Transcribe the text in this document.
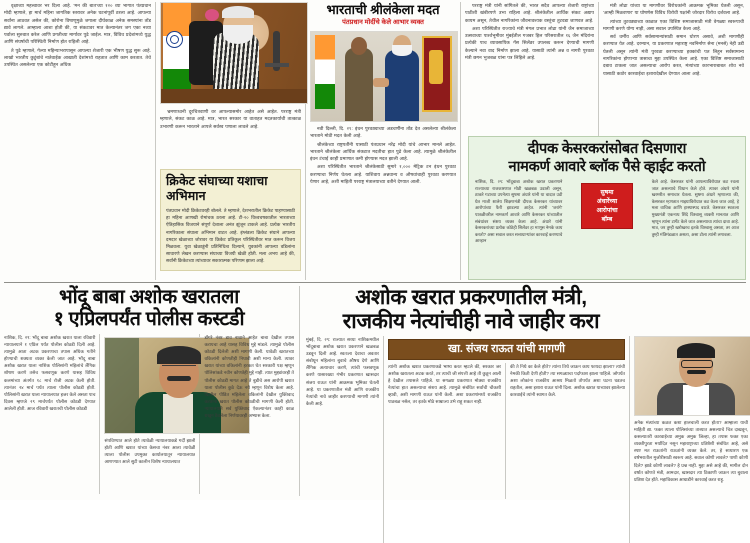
वृक्षाच्या महत्त्वावर भर दिला आहे. 'मन की बात'च्या १२० व्या भागात पंतप्रधान मोदी म्हणाले, हा मार्च महिना जागतिक स्तरावर अनेक घटनांपूर्वी ठरला आहे. आपल्या सर्वांना आठवत असेल की, कोरोना विषाणूमुळे जगाला दीर्घकाळ अनेक समस्यांना तोंड द्यावे लागले. आम्हाला आशा होती की, या संकटावर मात केल्यानंतर जग एका नव्या पर्वाला सुरुवात करेल आणि प्रगतीच्या मार्गावर पुढे जाईल. मात्र, विविध प्रदेशांमध्ये युद्ध आणि संघर्षाची परिस्थिती निर्माण होत राहिली आहे.

ते पुढे म्हणाले, गेल्या महिन्याभरापासून आपल्या शेजारी एक भीषण युद्ध सुरू आहे. लाखो भारतीय कुटुंबांचे नातेवाईक आखाती देशांमध्ये राहतात आणि काम करतात. तेथे उपस्थित असलेल्या एक कोटीहून अधिक

भ्रमणाध्वनी दूरचित्रवाणी वर आपल्यासमोर आहेत असे आहेत. परराष्ट्र मंत्री म्हणाले, संकट काळ आहे. मात्र, भारत सरकार या वाताहत मदतकार्याची तात्काळ उभारणी करून भारताने आपले सर्वस्व पणाला लावले आहे.

क्रिकेट संघाच्या यशाचा अभिमान
पंतप्रधान मोदी क्रिकेटवरही बोलले. ते म्हणाले, देशभरातील क्रिकेट पाहण्यासाठी हा महिना आणखी रोमांचक ठरला आहे. टी-२० विश्वचषकातील भारताच्या ऐतिहासिक विजयाने संपूर्ण देशाला अनंत झुंजून टाकले आहे. प्रत्येक भारतीय नागरिकाला संघाला अभिमान वाटत आहे. इंग्लंडला क्रिकेट संघाने आपल्या दमदार खेळाच्या जोरावर या क्रिकेट प्रतिकूल परिस्थितीवर मात करून विजय मिळवला. युवा खेळाडूंनी प्रतिनिधित्व दिल्याने, युवकांनी आपल्या वडिलांना साधारणे लेखन करण्यास संघाच्या विजयी खेळी होती. मला अभय आहे की, सर्वांनी क्रिकेटच्या त्यांच्यावर सकारात्मक परिणाम झाला आहे.
भारताची श्रीलंकेला मदत
पंतप्रधान मोदींचे केले आभार व्यक्त

नवी दिल्ली, दि. २९: इंधन पुरवठ्याच्या अडचणींना तोंड देत असलेल्या श्रीलंकेला भारताने मोठी मदत केली आहे.

श्रीलंकेच्या राष्ट्रपतींनी यासाठी पंतप्रधान नरेंद्र मोदी यांचे आभार मानले आहेत. भारताने श्रीलंकेला आर्थिक संकटात मदतीचा हात पुढे केला आहे. त्यामुळे श्रीलंकेतील इंधन टंचाई काही प्रमाणात कमी होण्यास मदत झाली आहे.

अशा परिस्थितीत भारताने श्रीलंकेसाठी सुमारे १,००० मेट्रिक टन इंधन पुरवठा करण्याचा निर्णय घेतला आहे. याशिवाय अन्नधान्य व औषधांचाही पुरवठा करण्यात येणार आहे, अशी माहिती परराष्ट्र मंत्रालयाच्या वतीने देण्यात आली.

परराष्ट्र मंत्री यांनी सांगितले की, भारत सदैव आपल्या शेजारी राष्ट्रांच्या पाठीशी खंबीरपणे उभा राहिला आहे. श्रीलंकेतील आर्थिक संकट अद्याप कायम असून, तेथील नागरिकांना जीवनावश्यक वस्तूंचा तुटवडा जाणवत आहे.

अशा परिस्थितीत राज्याचे मंत्री मंगल प्रभात लोढा यांनी जैन समाजाच्या उत्सवाच्या पार्श्वभूमीवर मुंबईतील गजबर हिल परिसरातील १६ जैन मंदिरांना प्रत्येकी पाच व्यावसायिक गॅस सिलेंडर उपलब्ध करून देण्याची मागणी केल्याने नवा वाद निर्माण झाला आहे. यासाठी त्यांनी अन्न व नागरी पुरवठा मंत्री छगन भुजबळ यांना पत्र लिहिले आहे.

मंत्री लोढा यांच्या या मागणीवर विरोधकांनी आक्रमक भूमिका घेतली असून, 'आम्ही मिळवणार' या घोषणेस विविध विरोधी पक्षांनी जोरदार विरोध दर्शवला आहे.

त्यांच्या तुटवड्याच्या काळात एका विशिष्ट समाजासाठी मंत्री वेगळ्या स्वरूपाची मागणी करणे योग्य नाही, असा सवाल उपस्थित केला आहे.

सर्व धर्मीय आणि सर्वसामान्यांसाठी समान धोरण असावे, अशी मागणीही करण्यात येत आहे. दरम्यान, या प्रकरणात महाराष्ट्र नवनिर्माण सेना (मनसे) नेही उडी घेतली असून त्यांनी मंत्री पुरवठा करण्याच्या हक्कांची पत लिहून सर्वसामान्य नागरिकांना होणाऱ्या त्रासाचा मुद्दा उपस्थित केला आहे. एका विशिष्ट समाजासाठी दबाव टाकला जात असल्याचा आरोप करत, मंत्र्यांच्या कारभाराबाबत शोध नवे यासाठी कठोर कारवाईचा इशारादेखील देण्यात आला आहे.

दीपक केसरकरांसोबत दिसणारा
नामकर्ण आवारे ब्लॉक पैसे व्हाईट करतो
नाशिक, दि. २९: भोंदूबाबा अशोक खरात प्रकरणाने राज्याच्या राजकारणात मोठी खळबळ उडाली असून, ठाकरे गटाच्या उपनेत्या सुषमा अंधारे यांनी या वादात उडी घेत माजी शालेय शिक्षणमंत्री दीपक केसरकर यांच्यावर आरोपांच्या फैरी झाडल्या आहेत. त्यांनी 'जरांगे' पातळीवरील नामकर्ण आवारे आणि केसरकर यांच्यातील संबंधांवर संशय व्यक्त केला आहे. अंधारे यांनी केसरकरांच्या प्रत्येक कोठेही सिलेंडर हा माणूस नेमके काय करतो? असा सवाल करत सत्ताधाऱ्यांवर कारवाई करण्याचे आव्हान
सुषमा
अंधारेंच्या
आरोपांचा
बॉम्ब
केले आहे. केसरकर यांनी आपल्याविरोधात कट रचला जात असल्याचे विधान केले होते. त्यावर अंधारे यांनी खरमरीत समाचार घेतला. सुषमा अंधारे म्हणाल्या की, केसरकर म्हणतात माझ्याविरोधात कट केला जात आहे, हे मला वाचिक आणि हास्यास्पद वाटते. केसरकर स्वतःला मुख्यमंत्री एकनाथ शिंदे विश्वासू व्यक्ती मानतात आणि म्हणून त्यांना टार्गेट केले जात असल्याचा त्यांचा दावा आहे. मात्र, जर तुम्ही खरोखरच इतके विश्वासू असता, तर आज तुम्ही मंत्रिमंडळात असता, असा टोला त्यांनी लगावला.
भोंदू बाबा अशोक खरातला
१ एप्रिलपर्यंत पोलीस कस्टडी
नाशिक, दि. २९: भोंदू बाबा अशोक खरात याला रविवारी न्यायालयाने १ एप्रिल पर्यंत पोलीस कोठडी दिली आहे. त्यामुळे आता अटक प्रकरणाचा तपास अधिक गतीने होण्याची शक्यता व्यक्त केली जात आहे. भोंदू बाबा अशोक खरात याला नाशिक पोलिसांनी महिलांचे लैंगिक शोषण करणे तसेच फसवणूक करणे यासह विविध कलमांच्या अंतर्गत १८ मार्च रोजी अटक केली होती. त्यानंतर २४ मार्च पर्यंत त्याला पोलीस कोठडी होती. पोलिसांनी खरात याला न्यायालयात हजर केले असता पाच दिवस म्हणजे २९ मार्चपर्यंत पोलीस कोठडी देण्यात आलेली होती. आज रविवारी खरातची पोलीस कोठडी
संपविण्यात आले होते त्यावेळी न्यायालयाकडे गर्दी झाली होती आणि खरात यांच्या केसचा नंबर आला त्यावेळी त्याला पोलीस उपमुक्त कार्यालयातून न्यायालयात आणण्यात आले सुटी कालीन विशेष न्यायालयात
डोंगरे नंबर डाव नावाने आहेत बाबा देखील तपास करायचा आहे यासह विविध मुद्दे मांडले. त्यामुळे पोलीस कोठडी दिलेली अशी मागणी केली. यावेळी खरातच्या वकिलांनी कोणतीही निघावी अशी मान्य केली. त्यावर खरात यांच्या वकिलांनी हरकत घेत सरकारी पक्ष म्हणून पोलिसांकडे नवीन कोणतेही मुद्दे नाही. त्यात मुद्द्यांवरही ते पोलीस कोठडी मागत आहे ते बुडीचे अस आरोपी खरात याला पोलीस कुठे देऊ नये म्हणून विरोध केला आहे. त्यातील पीडित महिलेला वकिलांनी देखील युक्तिवाद करताना खरात पोलीस कोठडीची मागणी केली होती. न्यायालयाने सर्व युक्तिवाद ऐकल्यानंतर काही काळ राखून ठेवलेला निर्णयावरही अभ्यास केला.
अशोक खरात प्रकरणातील मंत्री,
राजकीय नेत्यांचीही नावे जाहीर करा
मुंबई, दि. २९: राज्यात सध्या नाशिकमधील भोंदूबाबा अशोक खरात प्रकरणाने खळबळ उडवून दिली आहे. स्वतःला देवाचा अवतार संबोधून महिलांना बुवाचे औषध देणे आणि लैंगिक अत्याचार करणे, त्यांची फसवणूक करणे यासारख्या गंभीर प्रकरणात खासदार संजय राऊत यांनी आक्रमक भूमिका घेतली आहे. या प्रकरणातील मंत्री आणि राजकीय नेत्यांची नावे जाहीर करण्याची मागणी त्यांनी केली आहे.
खा. संजय राऊत यांची मागणी
त्यांनी अशोक खरात प्रकरणाकडे भाष्य करत म्हटले की, सरकार जर अशोक खरातला अटक करते, तर त्याची जी संपत्ती आहे ती कुठून आली हे देखील तपासले पाहिजे. या सगळ्या प्रकरणात मोठ्या राजकीय नेत्यांचा हात असल्याचा संशय आहे. त्यामुळे संबंधित सर्वांची चौकशी व्हावी, अशी मागणी राऊत यांनी केली. अशा प्रकरणांमध्ये राजकीय पाठबळ नसेल, तर इतके मोठे साम्राज्य उभे राहू शकत नाही.
की ते निधे का केले होते? त्यांना तिथे जाऊन काय फायदा झाला? त्यांची नेमकी किती देणी होती? त्या सगळ्याचा पर्दाफाश झाला पाहिजे. जोपर्यंत अशा लोकांना राजकीय आश्रय मिळतो तोपर्यंत अशा घटना घडतच राहतील, असा इशारा राऊत यांनी दिला. अशोक खरात याच्यावर झालेल्या कारवाईचे त्यांनी स्वागत केले.
अनेक मंत्र्यांच्या कळत कशा हालचाली करत होता? आम्हाला याची माहिती द्या. फक्त त्याला पोलिसांच्या ताब्यात असल्याचे चित्र दाखवून, कसल्यातरी कारवाईच्या अमुक अमुक जिल्हा, हा तपास फक्त एका व्यक्तीपुरता मर्यादित नसून महाराष्ट्राच्या प्रतिष्ठेशी संबंधित आहे, असे स्पष्ट मत राऊतांनी राऊतांनी व्यक्त केले. तर, हे साधारण एक वर्षभरातील मुजोरीसाठी स्वरूप आहे. सवाल कोणी लावले? पाणी कोणी दिले? झाडे कोणी लावले? हे प्रश्न नाही. मुद्दा असे आहे की, मागील दोन वर्षांत कोणते मंत्री, आमदार, खासदार त्या ठिकाणी जाऊन त्या बुवाला प्रतिष्ठा देत होते. महाविकास आघाडीने कारवाई करत राहू.
